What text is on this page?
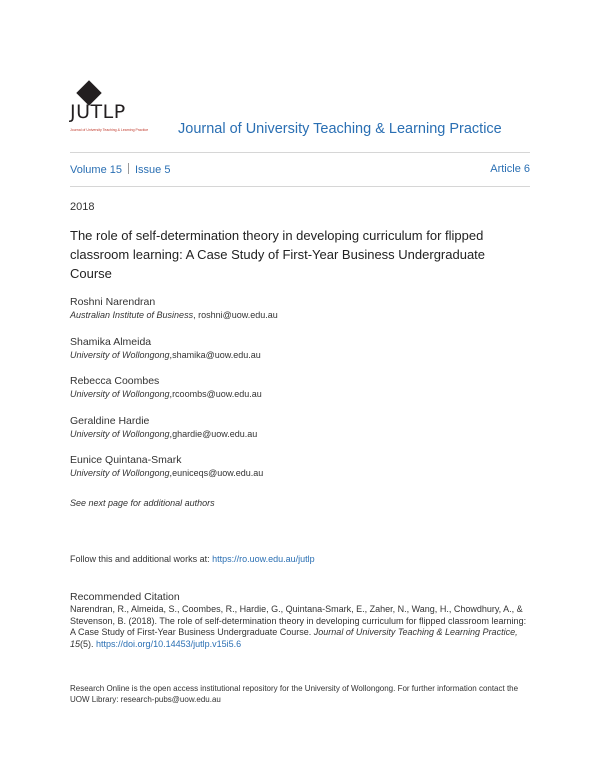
JUTLP
Journal of University Teaching & Learning Practice Journal of University Teaching & Learning Practice
Volume 15 Issue 5	Article 6
2018
The role of self-determination theory in developing curriculum for flipped classroom learning: A Case Study of First-Year Business Undergraduate Course
Roshni Narendran
Australian Institute of Business, roshni@uow.edu.au
Shamika Almeida
University of Wollongong,shamika@uow.edu.au
Rebecca Coombes
University of Wollongong,rcoombs@uow.edu.au
Geraldine Hardie
University of Wollongong,ghardie@uow.edu.au
Eunice Quintana-Smark
University of Wollongong,euniceqs@uow.edu.au
See next page for additional authors
Follow this and additional works at: https://ro.uow.edu.au/jutlp
Recommended Citation
Narendran, R., Almeida, S., Coombes, R., Hardie, G., Quintana-Smark, E., Zaher, N., Wang, H., Chowdhury, A., & Stevenson, B. (2018). The role of self-determination theory in developing curriculum for flipped classroom learning: A Case Study of First-Year Business Undergraduate Course. Journal of University Teaching & Learning Practice, 15(5). https://doi.org/10.14453/jutlp.v15i5.6
Research Online is the open access institutional repository for the University of Wollongong. For further information contact the UOW Library: research-pubs@uow.edu.au
